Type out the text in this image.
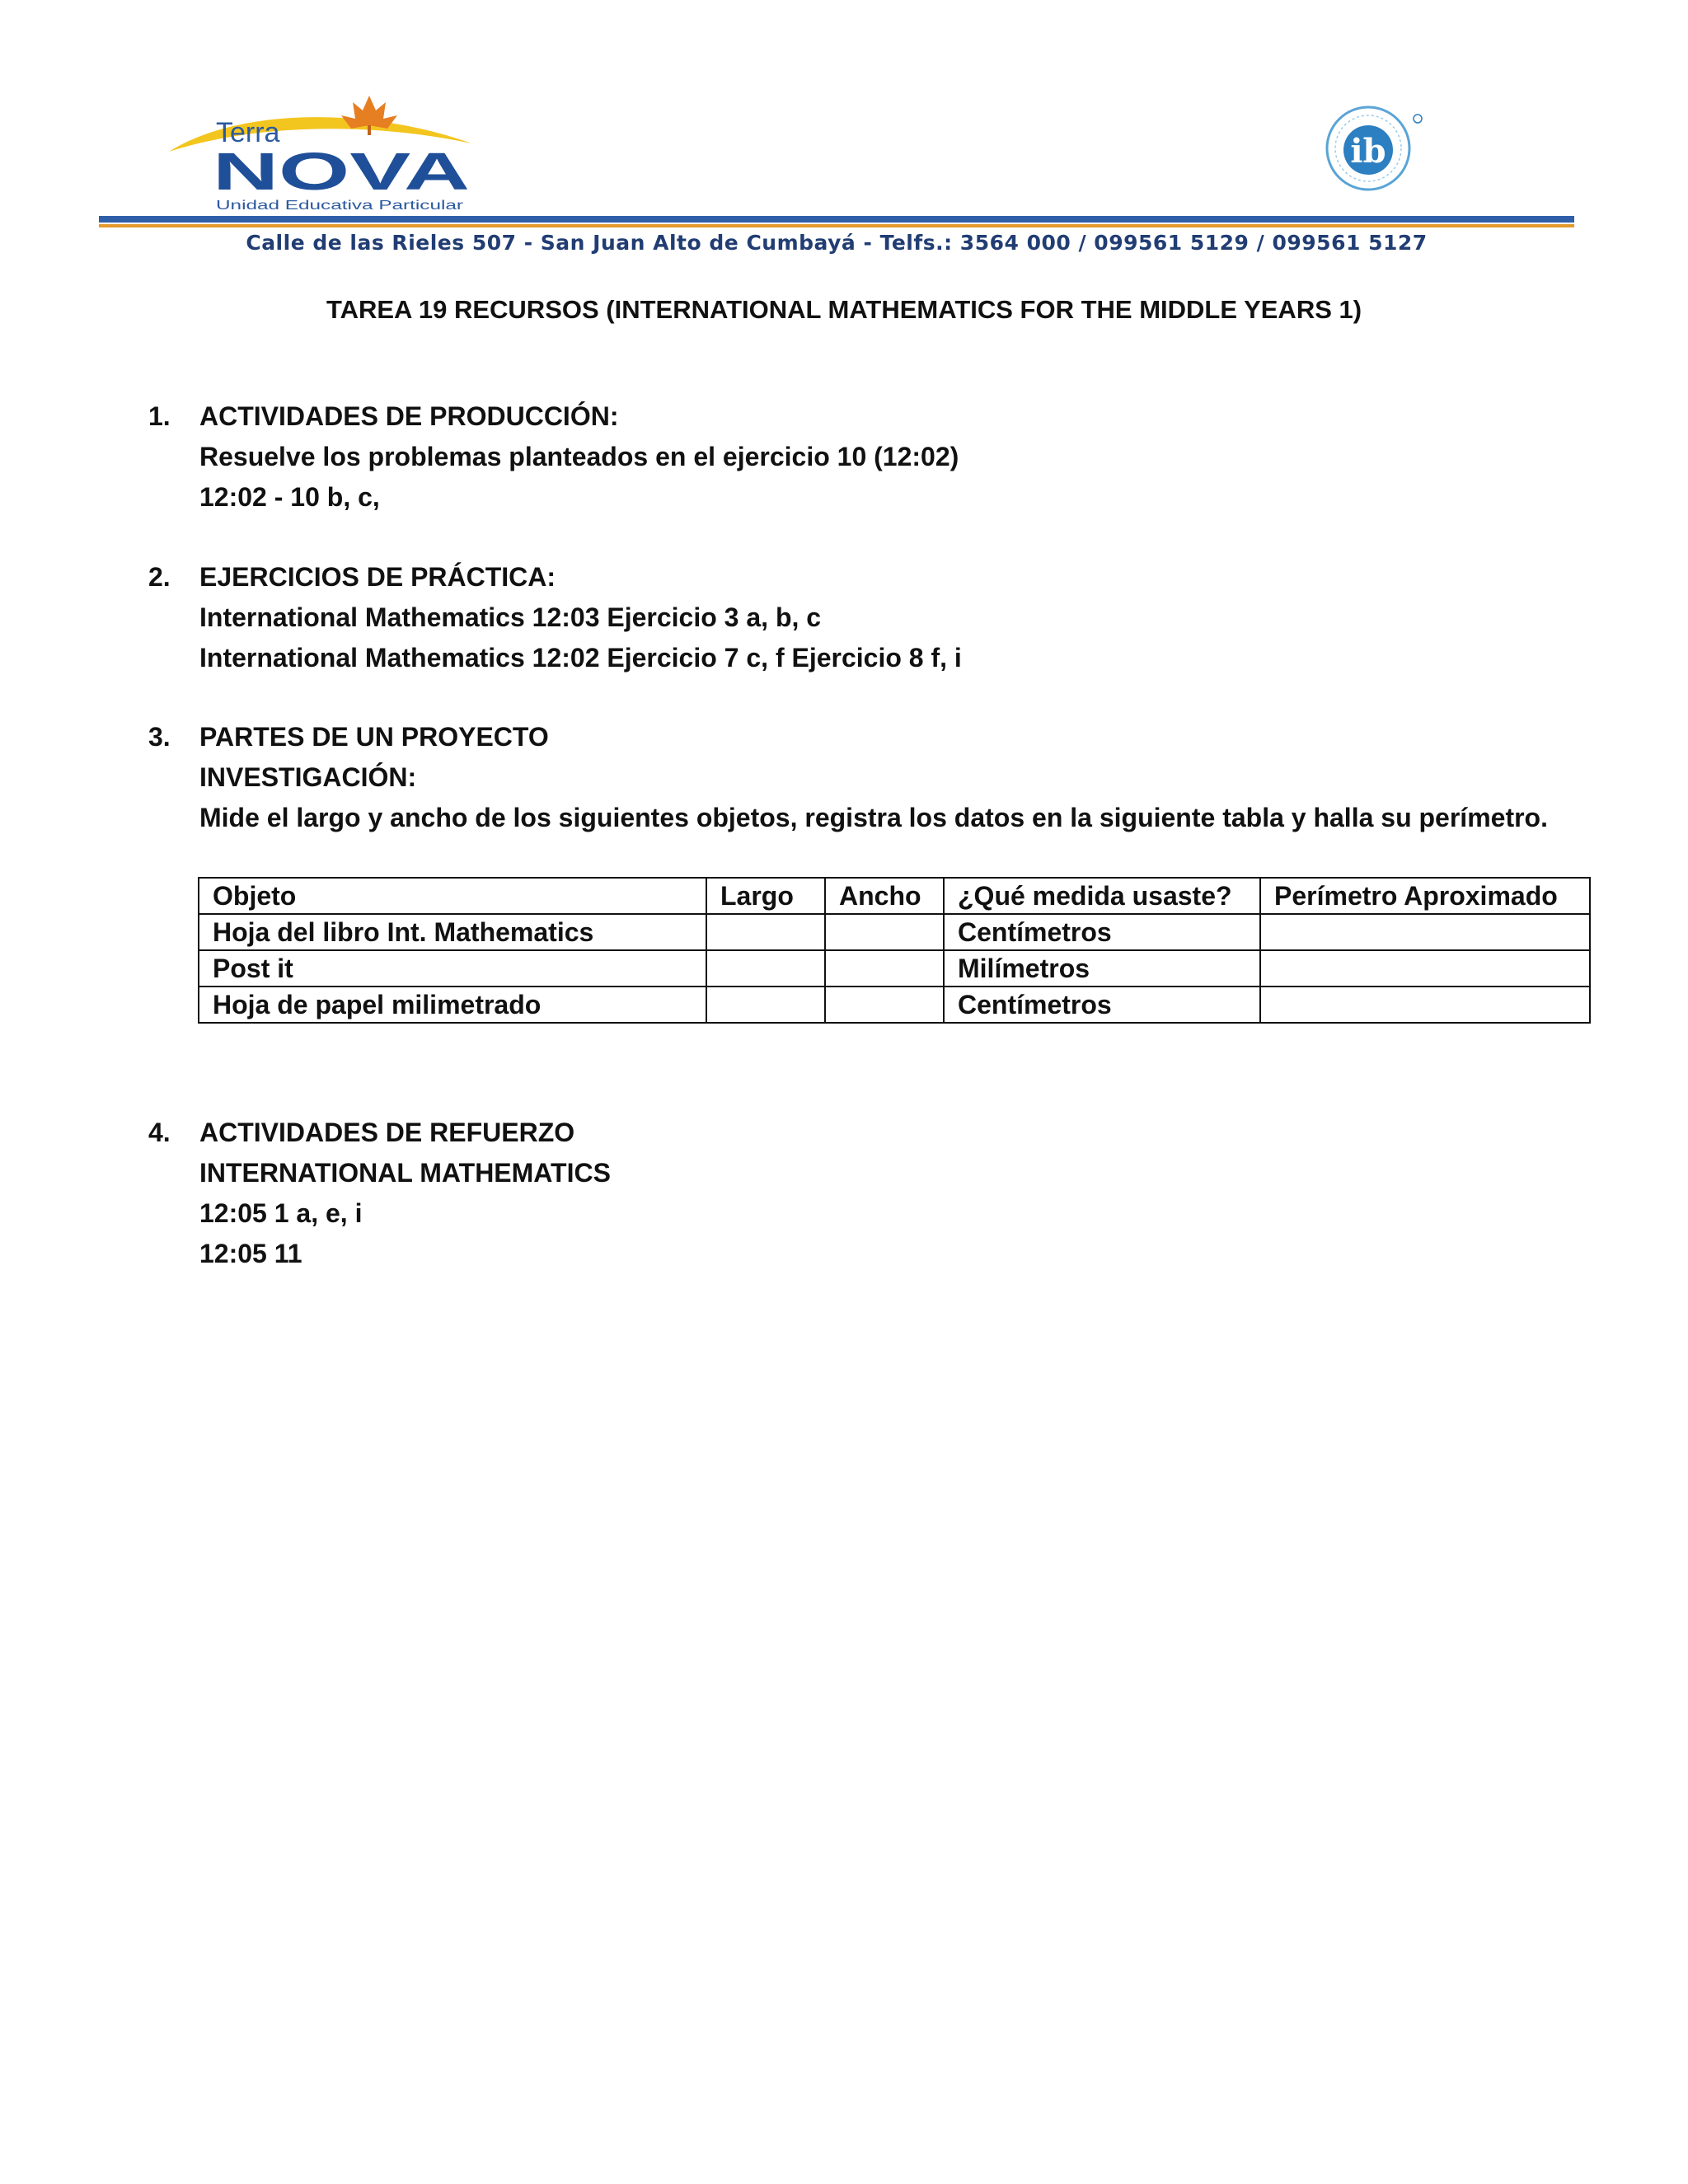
Terra
NOVA
Unidad Educativa Particular
ib
Calle de las Rieles 507 - San Juan Alto de Cumbayá - Telfs.: 3564 000 / 099561 5129 / 099561 5127
TAREA 19 RECURSOS (INTERNATIONAL MATHEMATICS FOR THE MIDDLE YEARS 1)
1. ACTIVIDADES DE PRODUCCIÓN:
Resuelve los problemas planteados en el ejercicio 10 (12:02)
12:02 - 10 b, c,
2. EJERCICIOS DE PRÁCTICA:
International Mathematics 12:03 Ejercicio 3 a, b, c
International Mathematics 12:02 Ejercicio 7 c, f Ejercicio 8 f, i
3. PARTES DE UN PROYECTO
INVESTIGACIÓN:
Mide el largo y ancho de los siguientes objetos, registra los datos en la siguiente tabla y halla su perímetro.
Objeto	Largo	Ancho	¿Qué medida usaste?	Perímetro Aproximado
Hoja del libro Int. Mathematics			Centímetros	
Post it			Milímetros	
Hoja de papel milimetrado			Centímetros	
4. ACTIVIDADES DE REFUERZO
INTERNATIONAL MATHEMATICS
12:05 1 a, e, i
12:05 11
